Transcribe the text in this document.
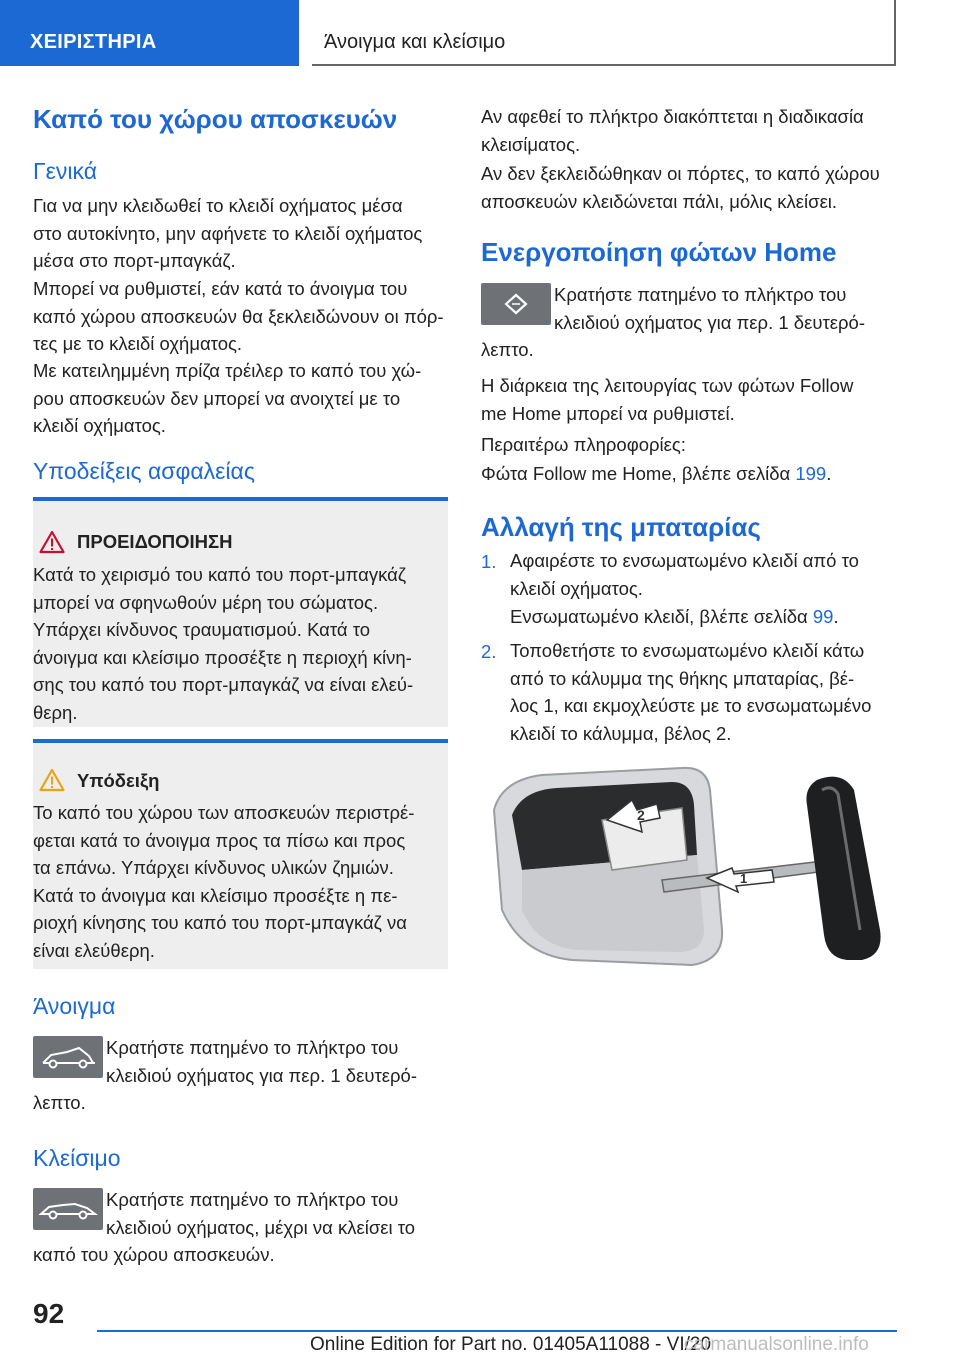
ΧΕΙΡΙΣΤΗΡΙΑ	Άνοιγμα και κλείσιμο
Καπό του χώρου αποσκευών
Γενικά
Για να μην κλειδωθεί το κλειδί οχήματος μέσα
στο αυτοκίνητο, μην αφήνετε το κλειδί οχήματος
μέσα στο πορτ-μπαγκάζ.
Μπορεί να ρυθμιστεί, εάν κατά το άνοιγμα του
καπό χώρου αποσκευών θα ξεκλειδώνουν οι πόρ-
τες με το κλειδί οχήματος.
Με κατειλημμένη πρίζα τρέιλερ το καπό του χώ-
ρου αποσκευών δεν μπορεί να ανοιχτεί με το
κλειδί οχήματος.
Υποδείξεις ασφαλείας
ΠΡΟΕΙΔΟΠΟΙΗΣΗ
Κατά το χειρισμό του καπό του πορτ-μπαγκάζ
μπορεί να σφηνωθούν μέρη του σώματος.
Υπάρχει κίνδυνος τραυματισμού. Κατά το
άνοιγμα και κλείσιμο προσέξτε η περιοχή κίνη-
σης του καπό του πορτ-μπαγκάζ να είναι ελεύ-
θερη.
Υπόδειξη
Το καπό του χώρου των αποσκευών περιστρέ-
φεται κατά το άνοιγμα προς τα πίσω και προς
τα επάνω. Υπάρχει κίνδυνος υλικών ζημιών.
Κατά το άνοιγμα και κλείσιμο προσέξτε η πε-
ριοχή κίνησης του καπό του πορτ-μπαγκάζ να
είναι ελεύθερη.
Άνοιγμα
Κρατήστε πατημένο το πλήκτρο του
κλειδιού οχήματος για περ. 1 δευτερό-
λεπτο.
Κλείσιμο
Κρατήστε πατημένο το πλήκτρο του
κλειδιού οχήματος, μέχρι να κλείσει το
καπό του χώρου αποσκευών.
Αν αφεθεί το πλήκτρο διακόπτεται η διαδικασία
κλεισίματος.
Αν δεν ξεκλειδώθηκαν οι πόρτες, το καπό χώρου
αποσκευών κλειδώνεται πάλι, μόλις κλείσει.
Ενεργοποίηση φώτων Home
Κρατήστε πατημένο το πλήκτρο του
κλειδιού οχήματος για περ. 1 δευτερό-
λεπτο.
Η διάρκεια της λειτουργίας των φώτων Follow
me Home μπορεί να ρυθμιστεί.
Περαιτέρω πληροφορίες:
Φώτα Follow me Home, βλέπε σελίδα 199.
Αλλαγή της μπαταρίας
1. Αφαιρέστε το ενσωματωμένο κλειδί από το
κλειδί οχήματος.
Ενσωματωμένο κλειδί, βλέπε σελίδα 99.
2. Τοποθετήστε το ενσωματωμένο κλειδί κάτω
από το κάλυμμα της θήκης μπαταρίας, βέ-
λος 1, και εκμοχλεύστε με το ενσωματωμένο
κλειδί το κάλυμμα, βέλος 2.
2
1
92
Online Edition for Part no. 01405A11088 - VI/20
carmanualsonline.info
